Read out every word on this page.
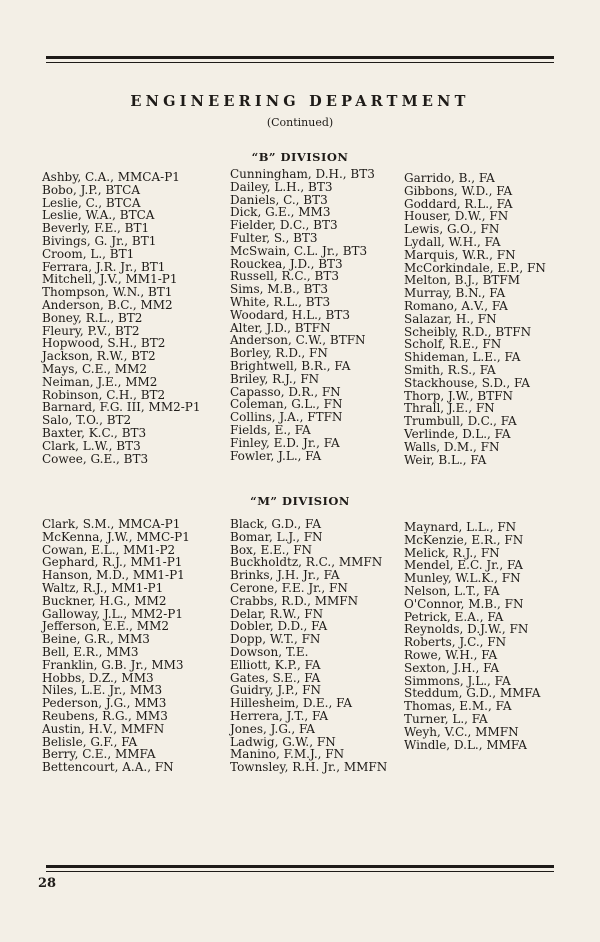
ENGINEERING DEPARTMENT
(Continued)
“B” DIVISION
Ashby, C.A., MMCA-P1
Bobo, J.P., BTCA
Leslie, C., BTCA
Leslie, W.A., BTCA
Beverly, F.E., BT1
Bivings, G. Jr., BT1
Croom, L., BT1
Ferrara, J.R. Jr., BT1
Mitchell, J.V., MM1-P1
Thompson, W.N., BT1
Anderson, B.C., MM2
Boney, R.L., BT2
Fleury, P.V., BT2
Hopwood, S.H., BT2
Jackson, R.W., BT2
Mays, C.E., MM2
Neiman, J.E., MM2
Robinson, C.H., BT2
Barnard, F.G. III, MM2-P1
Salo, T.O., BT2
Baxter, K.C., BT3
Clark, L.W., BT3
Cowee, G.E., BT3
Cunningham, D.H., BT3
Dailey, L.H., BT3
Daniels, C., BT3
Dick, G.E., MM3
Fielder, D.C., BT3
Fulter, S., BT3
McSwain, C.L. Jr., BT3
Rouckea, J.D., BT3
Russell, R.C., BT3
Sims, M.B., BT3
White, R.L., BT3
Woodard, H.L., BT3
Alter, J.D., BTFN
Anderson, C.W., BTFN
Borley, R.D., FN
Brightwell, B.R., FA
Briley, R.J., FN
Capasso, D.R., FN
Coleman, G.L., FN
Collins, J.A., FTFN
Fields, E., FA
Finley, E.D. Jr., FA
Fowler, J.L., FA
Garrido, B., FA
Gibbons, W.D., FA
Goddard, R.L., FA
Houser, D.W., FN
Lewis, G.O., FN
Lydall, W.H., FA
Marquis, W.R., FN
McCorkindale, E.P., FN
Melton, B.J., BTFM
Murray, B.N., FA
Romano, A.V., FA
Salazar, H., FN
Scheibly, R.D., BTFN
Scholf, R.E., FN
Shideman, L.E., FA
Smith, R.S., FA
Stackhouse, S.D., FA
Thorp, J.W., BTFN
Thrall, J.E., FN
Trumbull, D.C., FA
Verlinde, D.L., FA
Walls, D.M., FN
Weir, B.L., FA
“M” DIVISION
Clark, S.M., MMCA-P1
McKenna, J.W., MMC-P1
Cowan, E.L., MM1-P2
Gephard, R.J., MM1-P1
Hanson, M.D., MM1-P1
Waltz, R.J., MM1-P1
Buckner, H.G., MM2
Galloway, J.L., MM2-P1
Jefferson, E.E., MM2
Beine, G.R., MM3
Bell, E.R., MM3
Franklin, G.B. Jr., MM3
Hobbs, D.Z., MM3
Niles, L.E. Jr., MM3
Pederson, J.G., MM3
Reubens, R.G., MM3
Austin, H.V., MMFN
Belisle, G.F., FA
Berry, C.E., MMFA
Bettencourt, A.A., FN
Black, G.D., FA
Bomar, L.J., FN
Box, E.E., FN
Buckholdtz, R.C., MMFN
Brinks, J.H. Jr., FA
Cerone, F.E. Jr., FN
Crabbs, R.D., MMFN
Delar, R.W., FN
Dobler, D.D., FA
Dopp, W.T., FN
Dowson, T.E.
Elliott, K.P., FA
Gates, S.E., FA
Guidry, J.P., FN
Hillesheim, D.E., FA
Herrera, J.T., FA
Jones, J.G., FA
Ladwig, G.W., FN
Manino, F.M.J., FN
Townsley, R.H. Jr., MMFN
Maynard, L.L., FN
McKenzie, E.R., FN
Melick, R.J., FN
Mendel, E.C. Jr., FA
Munley, W.L.K., FN
Nelson, L.T., FA
O'Connor, M.B., FN
Petrick, E.A., FA
Reynolds, D.J.W., FN
Roberts, J.C., FN
Rowe, W.H., FA
Sexton, J.H., FA
Simmons, J.L., FA
Steddum, G.D., MMFA
Thomas, E.M., FA
Turner, L., FA
Weyh, V.C., MMFN
Windle, D.L., MMFA
28
